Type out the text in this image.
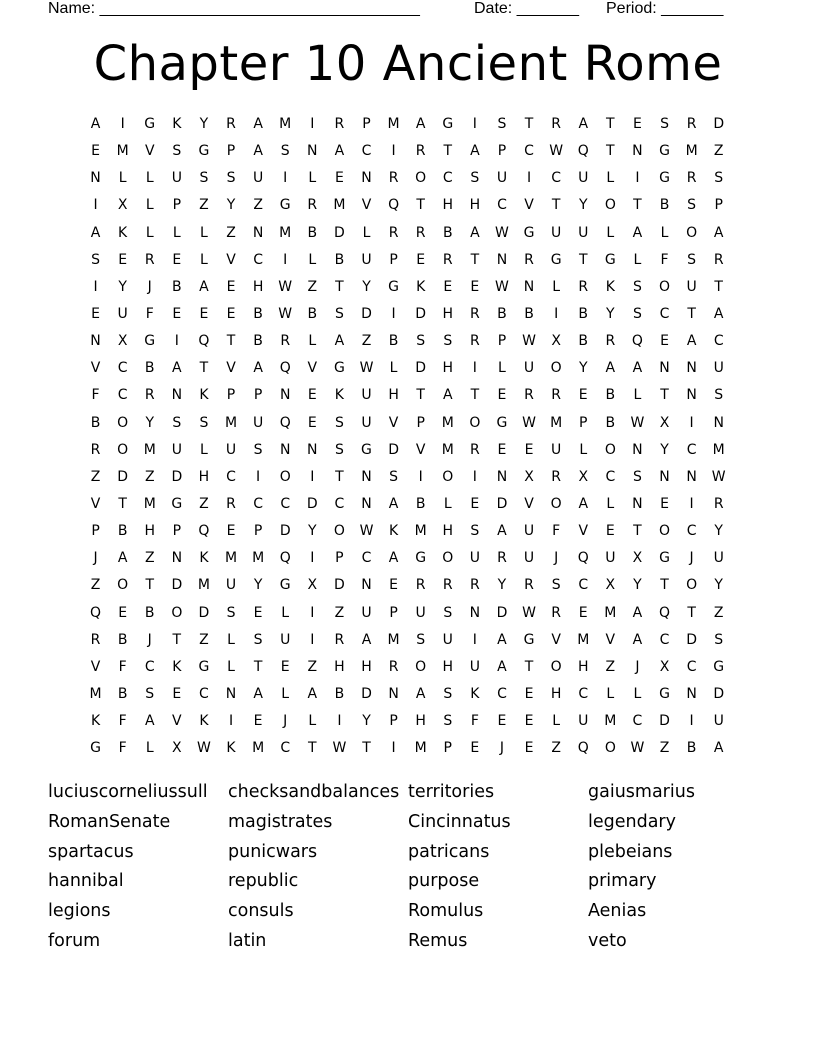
Name: ____________________________________	Date: _______ Period: _______
Chapter 10 Ancient Rome
A	I	G	K	Y	R	A	M	I	R	P	M	A	G	I	S	T	R	A	T	E	S	R	D
E	M	V	S	G	P	A	S	N	A	C	I	R	T	A	P	C	W	Q	T	N	G	M	Z
N	L	L	U	S	S	U	I	L	E	N	R	O	C	S	U	I	C	U	L	I	G	R	S
I	X	L	P	Z	Y	Z	G	R	M	V	Q	T	H	H	C	V	T	Y	O	T	B	S	P
A	K	L	L	L	Z	N	M	B	D	L	R	R	B	A	W	G	U	U	L	A	L	O	A
S	E	R	E	L	V	C	I	L	B	U	P	E	R	T	N	R	G	T	G	L	F	S	R
I	Y	J	B	A	E	H	W	Z	T	Y	G	K	E	E	W	N	L	R	K	S	O	U	T
E	U	F	E	E	E	B	W	B	S	D	I	D	H	R	B	B	I	B	Y	S	C	T	A
N	X	G	I	Q	T	B	R	L	A	Z	B	S	S	R	P	W	X	B	R	Q	E	A	C
V	C	B	A	T	V	A	Q	V	G	W	L	D	H	I	L	U	O	Y	A	A	N	N	U
F	C	R	N	K	P	P	N	E	K	U	H	T	A	T	E	R	R	E	B	L	T	N	S
B	O	Y	S	S	M	U	Q	E	S	U	V	P	M	O	G	W	M	P	B	W	X	I	N
R	O	M	U	L	U	S	N	N	S	G	D	V	M	R	E	E	U	L	O	N	Y	C	M
Z	D	Z	D	H	C	I	O	I	T	N	S	I	O	I	N	X	R	X	C	S	N	N	W
V	T	M	G	Z	R	C	C	D	C	N	A	B	L	E	D	V	O	A	L	N	E	I	R
P	B	H	P	Q	E	P	D	Y	O	W	K	M	H	S	A	U	F	V	E	T	O	C	Y
J	A	Z	N	K	M	M	Q	I	P	C	A	G	O	U	R	U	J	Q	U	X	G	J	U
Z	O	T	D	M	U	Y	G	X	D	N	E	R	R	R	Y	R	S	C	X	Y	T	O	Y
Q	E	B	O	D	S	E	L	I	Z	U	P	U	S	N	D	W	R	E	M	A	Q	T	Z
R	B	J	T	Z	L	S	U	I	R	A	M	S	U	I	A	G	V	M	V	A	C	D	S
V	F	C	K	G	L	T	E	Z	H	H	R	O	H	U	A	T	O	H	Z	J	X	C	G
M	B	S	E	C	N	A	L	A	B	D	N	A	S	K	C	E	H	C	L	L	G	N	D
K	F	A	V	K	I	E	J	L	I	Y	P	H	S	F	E	E	L	U	M	C	D	I	U
G	F	L	X	W	K	M	C	T	W	T	I	M	P	E	J	E	Z	Q	O	W	Z	B	A
luciuscorneliussull	checksandbalances territories	gaiusmarius
RomanSenate	magistrates	Cincinnatus	legendary
spartacus	punicwars	patricans	plebeians
hannibal	republic	purpose	primary
legions	consuls	Romulus	Aenias
forum	latin	Remus	veto
